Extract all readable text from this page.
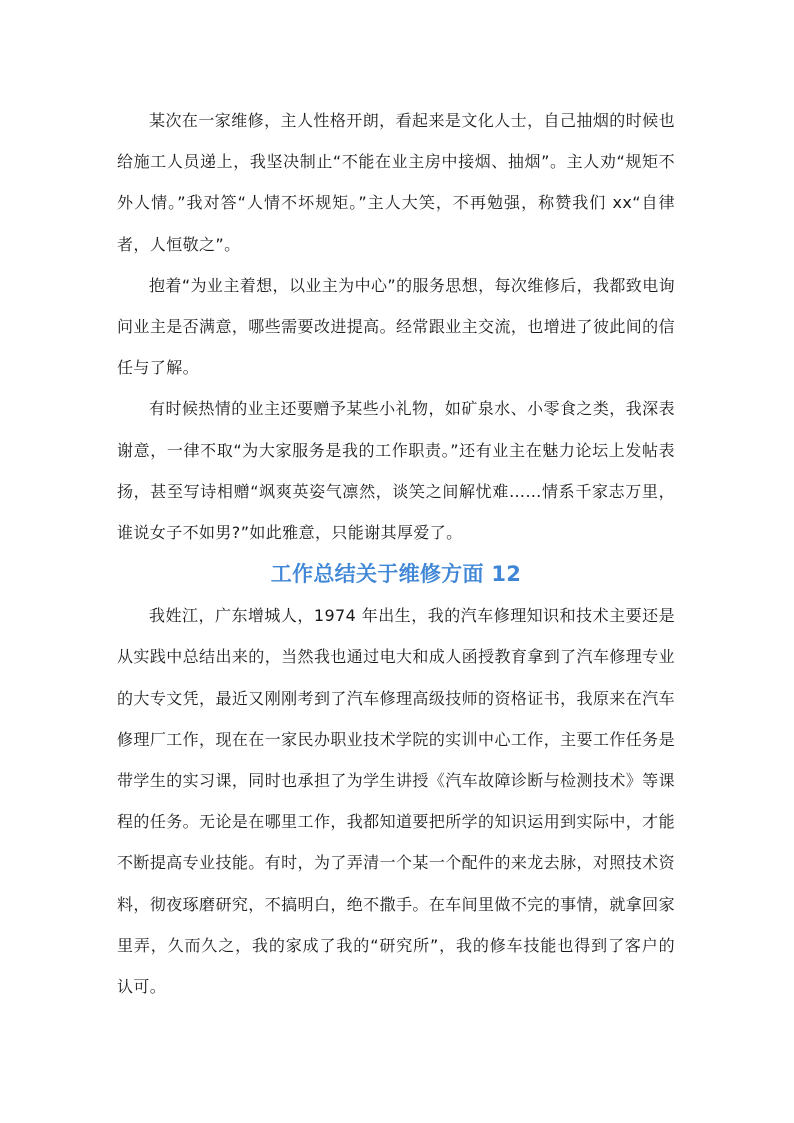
某次在一家维修，主人性格开朗，看起来是文化人士，自己抽烟的时候也给施工人员递上，我坚决制止“不能在业主房中接烟、抽烟”。主人劝“规矩不外人情。”我对答“人情不坏规矩。”主人大笑，不再勉强，称赞我们 xx“自律者，人恒敬之”。

抱着“为业主着想，以业主为中心”的服务思想，每次维修后，我都致电询问业主是否满意，哪些需要改进提高。经常跟业主交流，也增进了彼此间的信任与了解。

有时候热情的业主还要赠予某些小礼物，如矿泉水、小零食之类，我深表谢意，一律不取“为大家服务是我的工作职责。”还有业主在魅力论坛上发帖表扬，甚至写诗相赠“飒爽英姿气凛然，谈笑之间解忧难……情系千家志万里，谁说女子不如男?”如此雅意，只能谢其厚爱了。

工作总结关于维修方面 12

我姓江，广东增城人，1974 年出生，我的汽车修理知识和技术主要还是从实践中总结出来的，当然我也通过电大和成人函授教育拿到了汽车修理专业的大专文凭，最近又刚刚考到了汽车修理高级技师的资格证书，我原来在汽车修理厂工作，现在在一家民办职业技术学院的实训中心工作，主要工作任务是带学生的实习课，同时也承担了为学生讲授《汽车故障诊断与检测技术》等课程的任务。无论是在哪里工作，我都知道要把所学的知识运用到实际中，才能不断提高专业技能。有时，为了弄清一个某一个配件的来龙去脉，对照技术资料，彻夜琢磨研究，不搞明白，绝不撒手。在车间里做不完的事情，就拿回家里弄，久而久之，我的家成了我的“研究所”，我的修车技能也得到了客户的认可。
